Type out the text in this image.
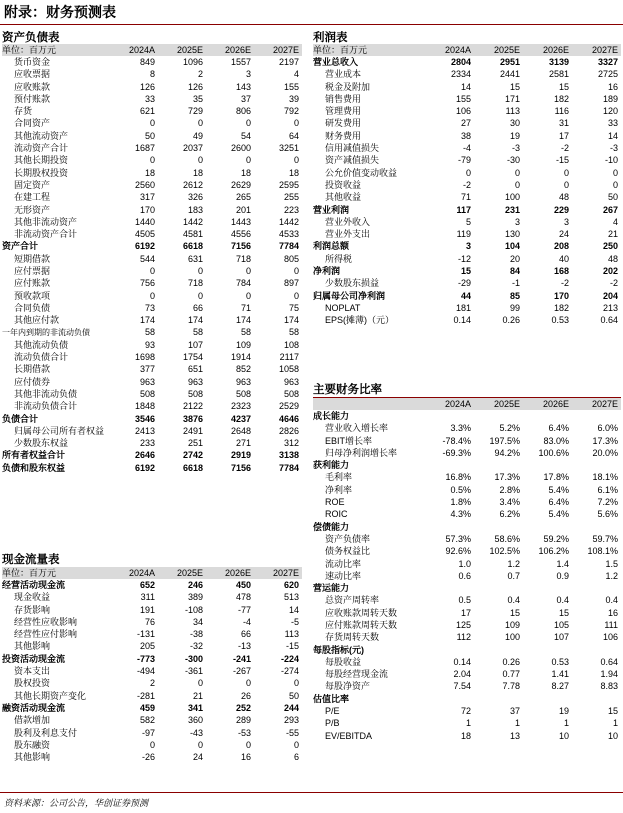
附录：财务预测表
资产负债表
单位：百万元	2024A	2025E	2026E	2027E
货币资金	849	1096	1557	2197
应收票据	8	2	3	4
应收账款	126	126	143	155
预付账款	33	35	37	39
存货	621	729	806	792
合同资产	0	0	0	0
其他流动资产	50	49	54	64
流动资产合计	1687	2037	2600	3251
其他长期投资	0	0	0	0
长期股权投资	18	18	18	18
固定资产	2560	2612	2629	2595
在建工程	317	326	265	255
无形资产	170	183	201	223
其他非流动资产	1440	1442	1443	1442
非流动资产合计	4505	4581	4556	4533
资产合计	6192	6618	7156	7784
短期借款	544	631	718	805
应付票据	0	0	0	0
应付账款	756	718	784	897
预收款项	0	0	0	0
合同负债	73	66	71	75
其他应付款	174	174	174	174
一年内到期的非流动负债	58	58	58	58
其他流动负债	93	107	109	108
流动负债合计	1698	1754	1914	2117
长期借款	377	651	852	1058
应付债券	963	963	963	963
其他非流动负债	508	508	508	508
非流动负债合计	1848	2122	2323	2529
负债合计	3546	3876	4237	4646
归属母公司所有者权益	2413	2491	2648	2826
少数股东权益	233	251	271	312
所有者权益合计	2646	2742	2919	3138
负债和股东权益	6192	6618	7156	7784
现金流量表
单位：百万元	2024A	2025E	2026E	2027E
经营活动现金流	652	246	450	620
现金收益	311	389	478	513
存货影响	191	-108	-77	14
经营性应收影响	76	34	-4	-5
经营性应付影响	-131	-38	66	113
其他影响	205	-32	-13	-15
投资活动现金流	-773	-300	-241	-224
资本支出	-494	-361	-267	-274
股权投资	2	0	0	0
其他长期资产变化	-281	21	26	50
融资活动现金流	459	341	252	244
借款增加	582	360	289	293
股利及利息支付	-97	-43	-53	-55
股东融资	0	0	0	0
其他影响	-26	24	16	6
利润表
单位：百万元	2024A	2025E	2026E	2027E
营业总收入	2804	2951	3139	3327
营业成本	2334	2441	2581	2725
税金及附加	14	15	15	16
销售费用	155	171	182	189
管理费用	106	113	116	120
研发费用	27	30	31	33
财务费用	38	19	17	14
信用减值损失	-4	-3	-2	-3
资产减值损失	-79	-30	-15	-10
公允价值变动收益	0	0	0	0
投资收益	-2	0	0	0
其他收益	71	100	48	50
营业利润	117	231	229	267
营业外收入	5	3	3	4
营业外支出	119	130	24	21
利润总额	3	104	208	250
所得税	-12	20	40	48
净利润	15	84	168	202
少数股东损益	-29	-1	-2	-2
归属母公司净利润	44	85	170	204
NOPLAT	181	99	182	213
EPS(摊薄)（元）	0.14	0.26	0.53	0.64
主要财务比率
	2024A	2025E	2026E	2027E
成长能力				
营业收入增长率	3.3%	5.2%	6.4%	6.0%
EBIT增长率	-78.4%	197.5%	83.0%	17.3%
归母净利润增长率	-69.3%	94.2%	100.6%	20.0%
获利能力				
毛利率	16.8%	17.3%	17.8%	18.1%
净利率	0.5%	2.8%	5.4%	6.1%
ROE	1.8%	3.4%	6.4%	7.2%
ROIC	4.3%	6.2%	5.4%	5.6%
偿债能力				
资产负债率	57.3%	58.6%	59.2%	59.7%
债务权益比	92.6%	102.5%	106.2%	108.1%
流动比率	1.0	1.2	1.4	1.5
速动比率	0.6	0.7	0.9	1.2
营运能力				
总资产周转率	0.5	0.4	0.4	0.4
应收账款周转天数	17	15	15	16
应付账款周转天数	125	109	105	111
存货周转天数	112	100	107	106
每股指标(元)				
每股收益	0.14	0.26	0.53	0.64
每股经营现金流	2.04	0.77	1.41	1.94
每股净资产	7.54	7.78	8.27	8.83
估值比率				
P/E	72	37	19	15
P/B	1	1	1	1
EV/EBITDA	18	13	10	10
资料来源：公司公告，华创证券预测
